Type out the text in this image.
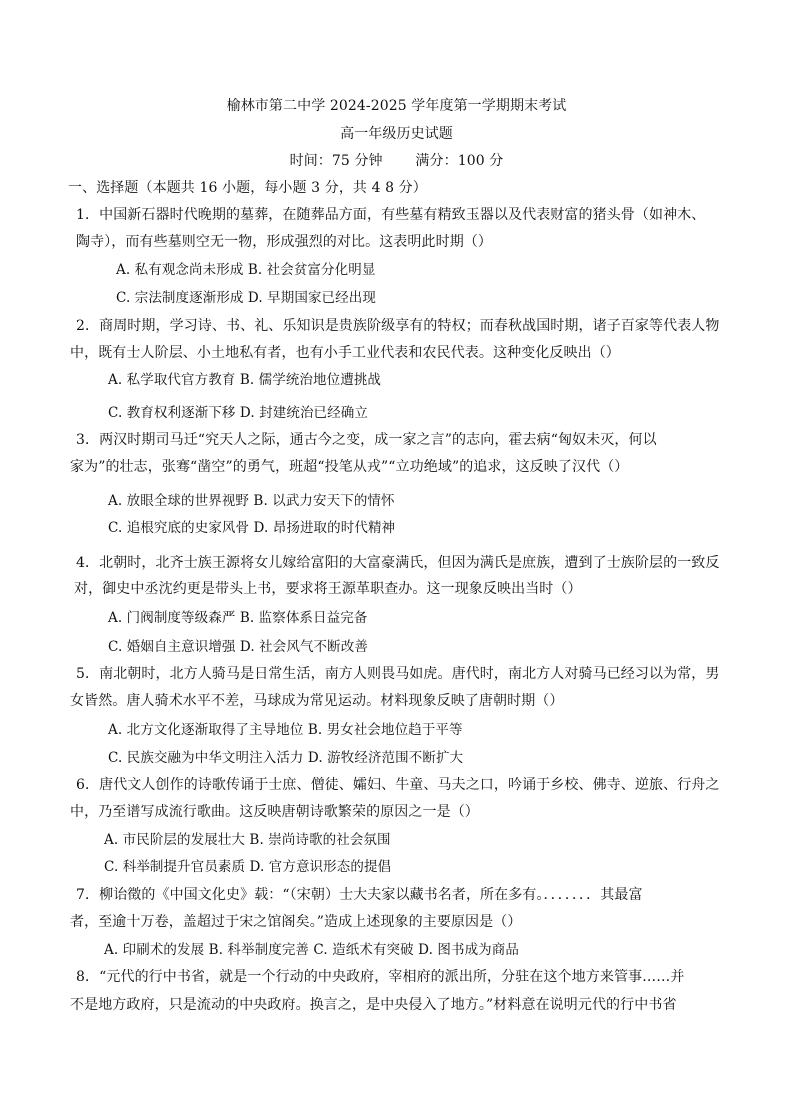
榆林市第二中学 2024-2025 学年度第一学期期末考试
高一年级历史试题
时间：75 分钟　　 满分：100 分
一、选择题（本题共 16 小题，每小题 3 分，共 4 8 分）
1．中国新石器时代晚期的墓葬，在随葬品方面，有些墓有精致玉器以及代表财富的猪头骨（如神木、
陶寺），而有些墓则空无一物，形成强烈的对比。这表明此时期（）
A. 私有观念尚未形成 B. 社会贫富分化明显
C. 宗法制度逐渐形成 D. 早期国家已经出现
2．商周时期，学习诗、书、礼、乐知识是贵族阶级享有的特权；而春秋战国时期，诸子百家等代表人物
中，既有士人阶层、小土地私有者，也有小手工业代表和农民代表。这种变化反映出（）
A. 私学取代官方教育 B. 儒学统治地位遭挑战
C. 教育权利逐渐下移 D. 封建统治已经确立
3．两汉时期司马迁“究天人之际，通古今之变，成一家之言”的志向，霍去病“匈奴未灭，何以
家为”的壮志，张骞“凿空”的勇气，班超“投笔从戎”“立功绝域”的追求，这反映了汉代（）
A. 放眼全球的世界视野 B. 以武力安天下的情怀
C. 追根究底的史家风骨 D. 昂扬进取的时代精神
4．北朝时，北齐士族王源将女儿嫁给富阳的大富豪满氏，但因为满氏是庶族，遭到了士族阶层的一致反
对，御史中丞沈约更是带头上书，要求将王源革职查办。这一现象反映出当时（）
A. 门阀制度等级森严 B. 监察体系日益完备
C. 婚姻自主意识增强 D. 社会风气不断改善
5．南北朝时，北方人骑马是日常生活，南方人则畏马如虎。唐代时，南北方人对骑马已经习以为常，男
女皆然。唐人骑术水平不差，马球成为常见运动。材料现象反映了唐朝时期（）
A. 北方文化逐渐取得了主导地位 B. 男女社会地位趋于平等
C. 民族交融为中华文明注入活力 D. 游牧经济范围不断扩大
6．唐代文人创作的诗歌传诵于士庶、僧徒、孀妇、牛童、马夫之口，吟诵于乡校、佛寺、逆旅、行舟之
中，乃至谱写成流行歌曲。这反映唐朝诗歌繁荣的原因之一是（）
A. 市民阶层的发展壮大 B. 崇尚诗歌的社会氛围
C. 科举制提升官员素质 D. 官方意识形态的提倡
7．柳诒徵的《中国文化史》载：“（宋朝）士大夫家以藏书名者，所在多有。．．．．．．．其最富
者，至逾十万卷，盖超过于宋之馆阁矣。”造成上述现象的主要原因是（）
A. 印刷术的发展 B. 科举制度完善 C. 造纸术有突破 D. 图书成为商品
8．“元代的行中书省，就是一个行动的中央政府，宰相府的派出所，分驻在这个地方来管事……并
不是地方政府，只是流动的中央政府。换言之，是中央侵入了地方。”材料意在说明元代的行中书省
